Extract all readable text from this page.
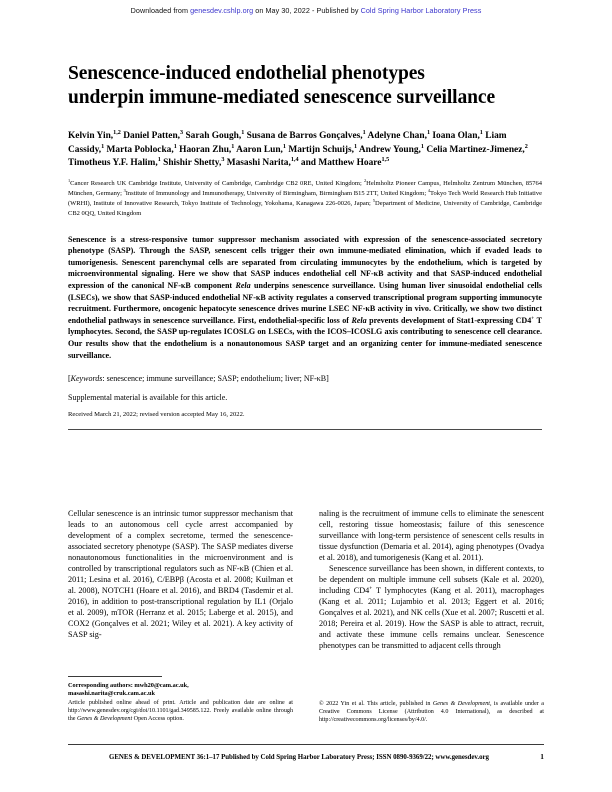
Downloaded from genesdev.cshlp.org on May 30, 2022 - Published by Cold Spring Harbor Laboratory Press
Senescence-induced endothelial phenotypes underpin immune-mediated senescence surveillance
Kelvin Yin,$^{1,2}$ Daniel Patten,$^3$ Sarah Gough,$^1$ Susana de Barros Gonçalves,$^1$ Adelyne Chan,$^1$ Ioana Olan,$^1$ Liam Cassidy,$^1$ Marta Poblocka,$^1$ Haoran Zhu,$^1$ Aaron Lun,$^1$ Martijn Schuijs,$^1$ Andrew Young,$^1$ Celia Martinez-Jimenez,$^2$ Timotheus Y.F. Halim,$^1$ Shishir Shetty,$^3$ Masashi Narita,$^{1,4}$ and Matthew Hoare$^{1,5}$
$^1$Cancer Research UK Cambridge Institute, University of Cambridge, Cambridge CB2 0RE, United Kingdom; $^2$Helmholtz Pioneer Campus, Helmholtz Zentrum München, 85764 München, Germany; $^3$Institute of Immunology and Immunotherapy, University of Birmingham, Birmingham B15 2TT, United Kingdom; $^4$Tokyo Tech World Research Hub Initiative (WRHI), Institute of Innovative Research, Tokyo Institute of Technology, Yokohama, Kanagawa 226-0026, Japan; $^5$Department of Medicine, University of Cambridge, Cambridge CB2 0QQ, United Kingdom
Senescence is a stress-responsive tumor suppressor mechanism associated with expression of the senescence-associated secretory phenotype (SASP). Through the SASP, senescent cells trigger their own immune-mediated elimination, which if evaded leads to tumorigenesis. Senescent parenchymal cells are separated from circulating immunocytes by the endothelium, which is targeted by microenvironmental signaling. Here we show that SASP induces endothelial cell NF-κB activity and that SASP-induced endothelial expression of the canonical NF-κB component Rela underpins senescence surveillance. Using human liver sinusoidal endothelial cells (LSECs), we show that SASP-induced endothelial NF-κB activity regulates a conserved transcriptional program supporting immunocyte recruitment. Furthermore, oncogenic hepatocyte senescence drives murine LSEC NF-κB activity in vivo. Critically, we show two distinct endothelial pathways in senescence surveillance. First, endothelial-specific loss of Rela prevents development of Stat1-expressing CD4+ T lymphocytes. Second, the SASP up-regulates ICOSLG on LSECs, with the ICOS–ICOSLG axis contributing to senescence cell clearance. Our results show that the endothelium is a nonautonomous SASP target and an organizing center for immune-mediated senescence surveillance.
[Keywords: senescence; immune surveillance; SASP; endothelium; liver; NF-κB]
Supplemental material is available for this article.
Received March 21, 2022; revised version accepted May 16, 2022.

Cellular senescence is an intrinsic tumor suppressor mechanism that leads to an autonomous cell cycle arrest accompanied by development of a complex secretome, termed the senescence-associated secretory phenotype (SASP). The SASP mediates diverse nonautonomous functionalities in the microenvironment and is controlled by transcriptional regulators such as NF-κB (Chien et al. 2011; Lesina et al. 2016), C/EBPβ (Acosta et al. 2008; Kuilman et al. 2008), NOTCH1 (Hoare et al. 2016), and BRD4 (Tasdemir et al. 2016), in addition to post-transcriptional regulation by IL1 (Orjalo et al. 2009), mTOR (Herranz et al. 2015; Laberge et al. 2015), and COX2 (Gonçalves et al. 2021; Wiley et al. 2021). A key activity of SASP sig-

naling is the recruitment of immune cells to eliminate the senescent cell, restoring tissue homeostasis; failure of this senescence surveillance with long-term persistence of senescent cells results in tissue dysfunction (Demaria et al. 2014), aging phenotypes (Ovadya et al. 2018), and tumorigenesis (Kang et al. 2011).

Senescence surveillance has been shown, in different contexts, to be dependent on multiple immune cell subsets (Kale et al. 2020), including CD4+ T lymphocytes (Kang et al. 2011), macrophages (Kang et al. 2011; Lujambio et al. 2013; Eggert et al. 2016; Gonçalves et al. 2021), and NK cells (Xue et al. 2007; Ruscetti et al. 2018; Pereira et al. 2019). How the SASP is able to attract, recruit, and activate these immune cells remains unclear. Senescence phenotypes can be transmitted to adjacent cells through

Corresponding authors: mwh20@cam.ac.uk,
masashi.narita@cruk.cam.ac.uk
Article published online ahead of print. Article and publication date are online at http://www.genesdev.org/cgi/doi/10.1101/gad.349585.122. Freely available online through the Genes & Development Open Access option.
© 2022 Yin et al. This article, published in Genes & Development, is available under a Creative Commons License (Attribution 4.0 International), as described at http://creativecommons.org/licenses/by/4.0/.
GENES & DEVELOPMENT 36:1–17 Published by Cold Spring Harbor Laboratory Press; ISSN 0890-9369/22; www.genesdev.org	1
